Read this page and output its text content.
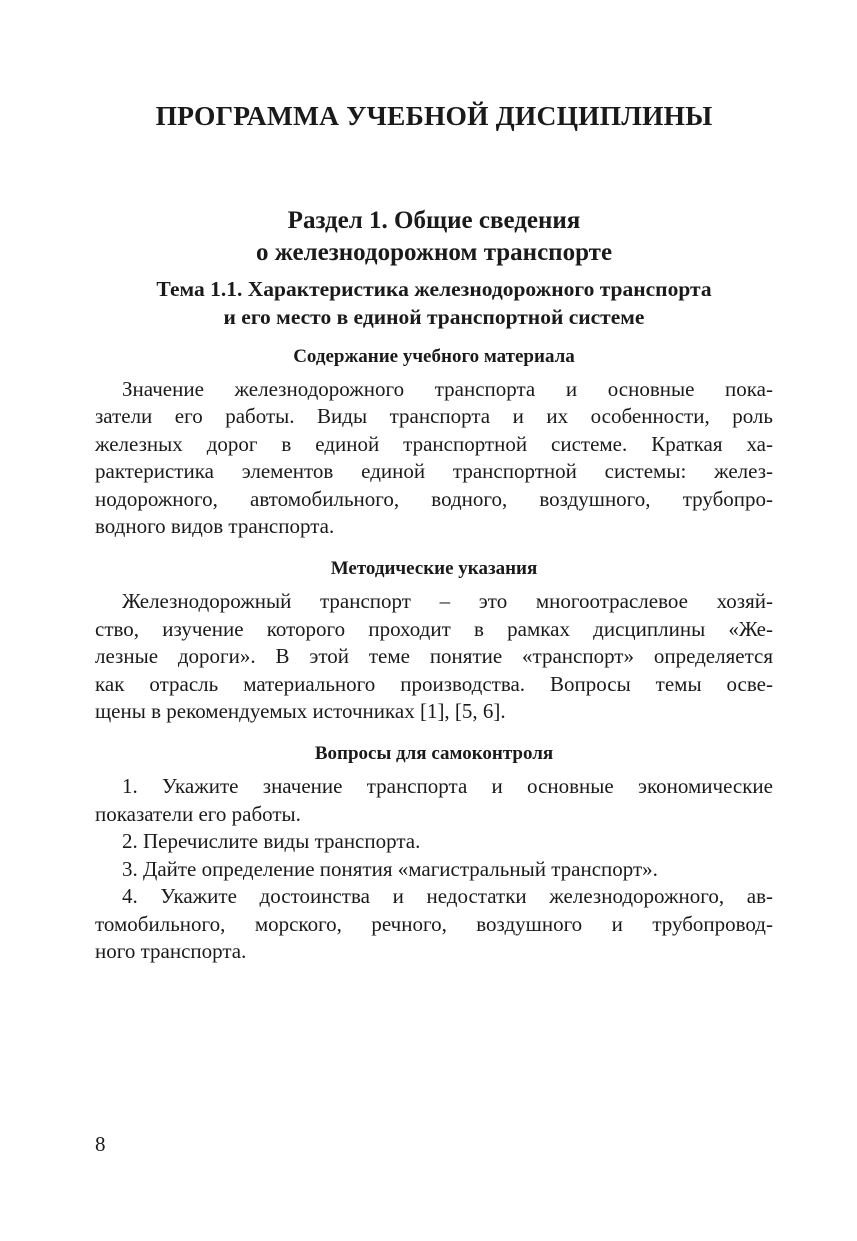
ПРОГРАММА УЧЕБНОЙ ДИСЦИПЛИНЫ
Раздел 1. Общие сведения
о железнодорожном транспорте
Тема 1.1. Характеристика железнодорожного транспорта
и его место в единой транспортной системе
Содержание учебного материала
Значение железнодорожного транспорта и основные пока-
затели его работы. Виды транспорта и их особенности, роль
железных дорог в единой транспортной системе. Краткая ха-
рактеристика элементов единой транспортной системы: желез-
нодорожного, автомобильного, водного, воздушного, трубопро-
водного видов транспорта.
Методические указания
Железнодорожный транспорт – это многоотраслевое хозяй-
ство, изучение которого проходит в рамках дисциплины «Же-
лезные дороги». В этой теме понятие «транспорт» определяется
как отрасль материального производства. Вопросы темы осве-
щены в рекомендуемых источниках [1], [5, 6].
Вопросы для самоконтроля
1. Укажите значение транспорта и основные экономические
показатели его работы.
2. Перечислите виды транспорта.
3. Дайте определение понятия «магистральный транспорт».
4. Укажите достоинства и недостатки железнодорожного, ав-
томобильного, морского, речного, воздушного и трубопровод-
ного транспорта.
8
